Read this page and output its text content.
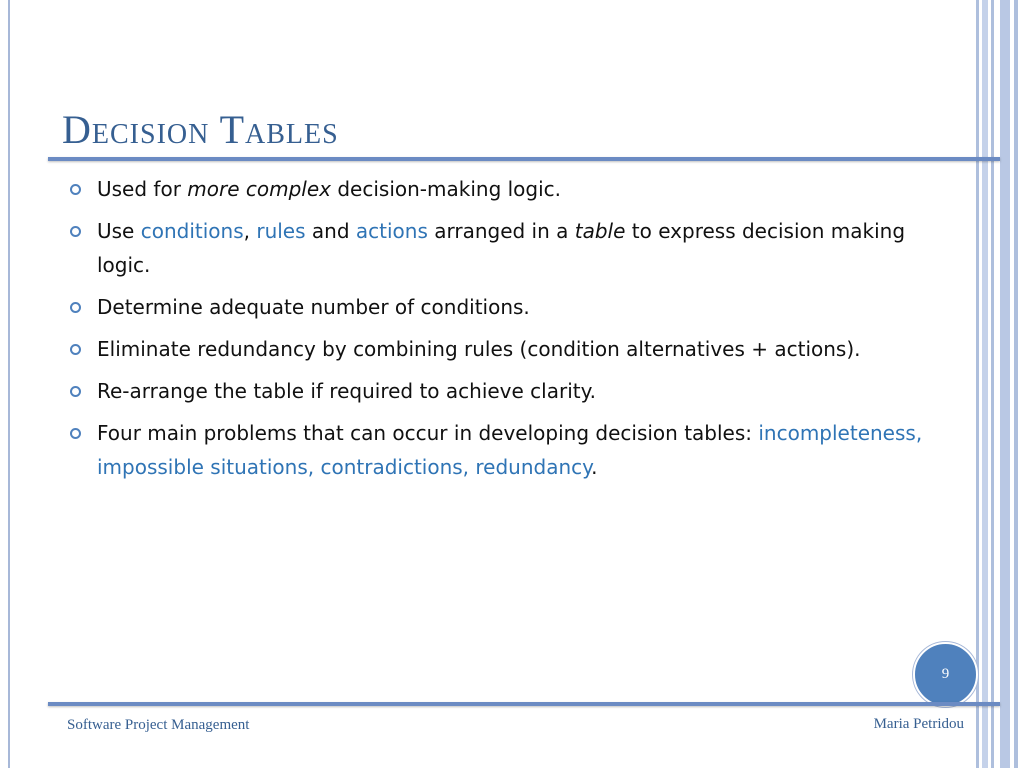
Decision Tables
Used for more complex decision-making logic.
Use conditions, rules and actions arranged in a table to express decision making logic.
Determine adequate number of conditions.
Eliminate redundancy by combining rules (condition alternatives + actions).
Re-arrange the table if required to achieve clarity.
Four main problems that can occur in developing decision tables: incompleteness, impossible situations, contradictions, redundancy.
9
Software Project Management	Maria Petridou
